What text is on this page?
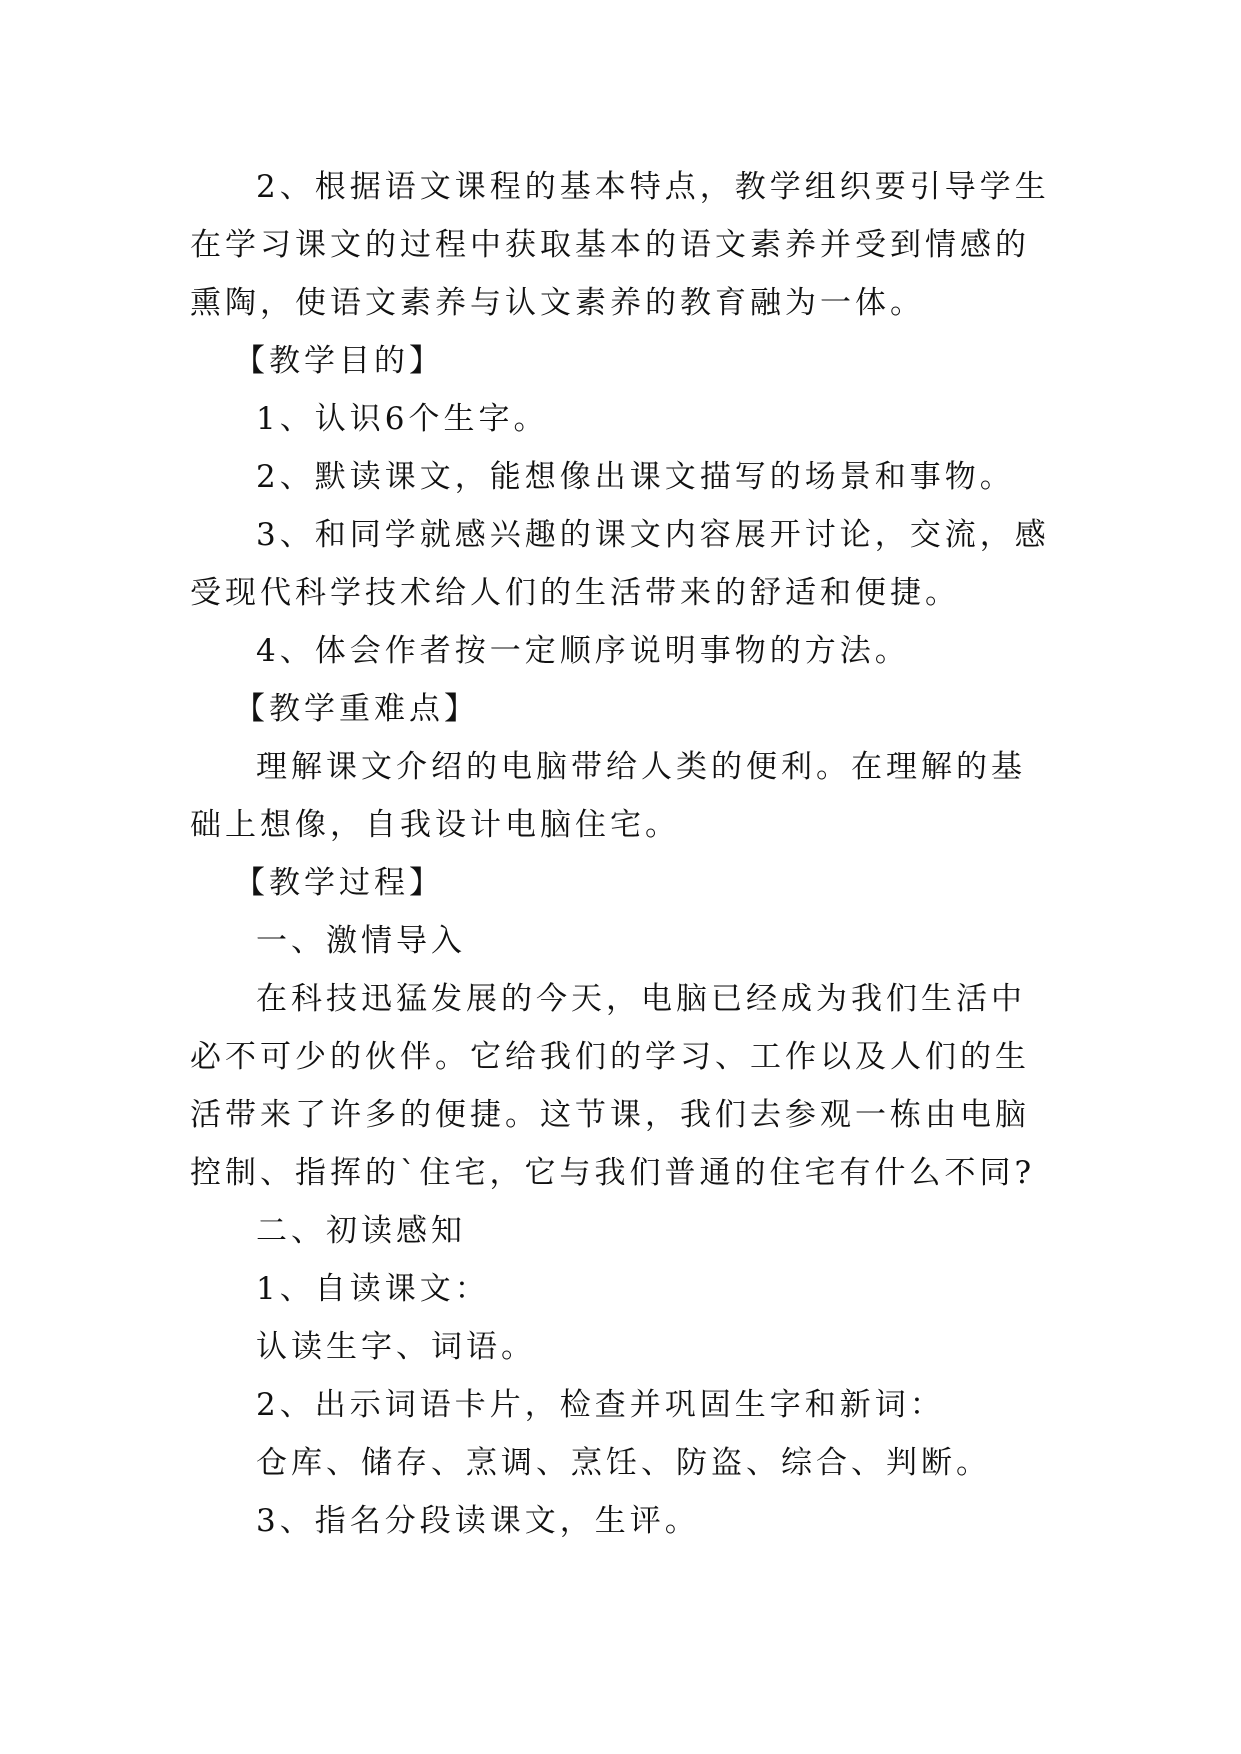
2、根据语文课程的基本特点，教学组织要引导学生在学习课文的过程中获取基本的语文素养并受到情感的熏陶，使语文素养与认文素养的教育融为一体。

【教学目的】

1、认识6个生字。

2、默读课文，能想像出课文描写的场景和事物。

3、和同学就感兴趣的课文内容展开讨论，交流，感受现代科学技术给人们的生活带来的舒适和便捷。

4、体会作者按一定顺序说明事物的方法。

【教学重难点】

理解课文介绍的电脑带给人类的便利。在理解的基础上想像，自我设计电脑住宅。

【教学过程】

一、激情导入

在科技迅猛发展的今天，电脑已经成为我们生活中必不可少的伙伴。它给我们的学习、工作以及人们的生活带来了许多的便捷。这节课，我们去参观一栋由电脑控制、指挥的`住宅，它与我们普通的住宅有什么不同?

二、初读感知

1、自读课文：

认读生字、词语。

2、出示词语卡片，检查并巩固生字和新词：

仓库、储存、烹调、烹饪、防盗、综合、判断。

3、指名分段读课文，生评。
